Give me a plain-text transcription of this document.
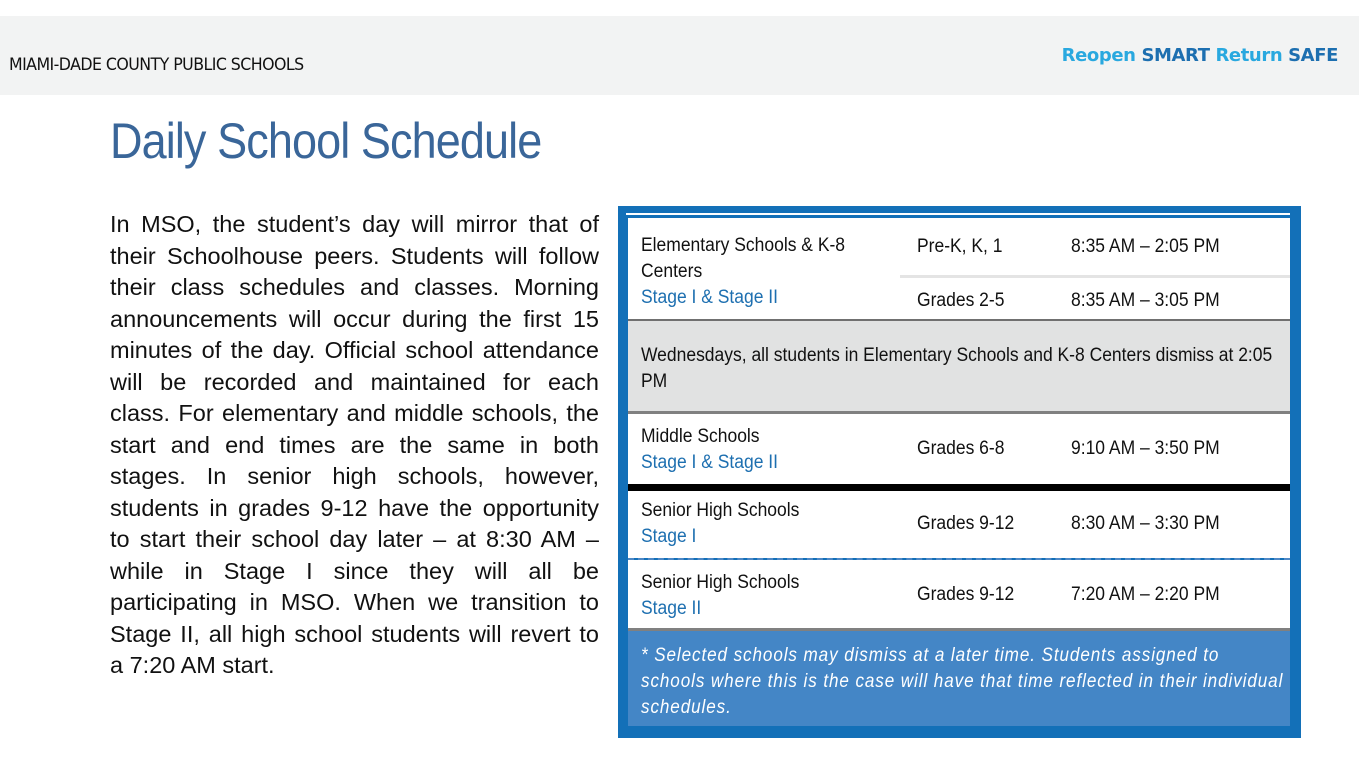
MIAMI-DADE COUNTY PUBLIC SCHOOLS	Reopen SMART Return SAFE
Daily School Schedule
In MSO, the student’s day will mirror that of their Schoolhouse peers. Students will follow their class schedules and classes. Morning announcements will occur during the first 15 minutes of the day. Official school attendance will be recorded and maintained for each class. For elementary and middle schools, the start and end times are the same in both stages. In senior high schools, however, students in grades 9-12 have the opportunity to start their school day later – at 8:30 AM – while in Stage I since they will all be participating in MSO. When we transition to Stage II, all high school students will revert to a 7:20 AM start.
Elementary Schools & K-8 Centers
Stage I & Stage II
Pre-K, K, 1	8:35 AM – 2:05 PM
Grades 2-5	8:35 AM – 3:05 PM
Wednesdays, all students in Elementary Schools and K-8 Centers dismiss at 2:05 PM
Middle Schools
Stage I & Stage II
Grades 6-8	9:10 AM – 3:50 PM
Senior High Schools
Stage I
Grades 9-12	8:30 AM – 3:30 PM
Senior High Schools
Stage II
Grades 9-12	7:20 AM – 2:20 PM
* Selected schools may dismiss at a later time. Students assigned to schools where this is the case will have that time reflected in their individual schedules.
